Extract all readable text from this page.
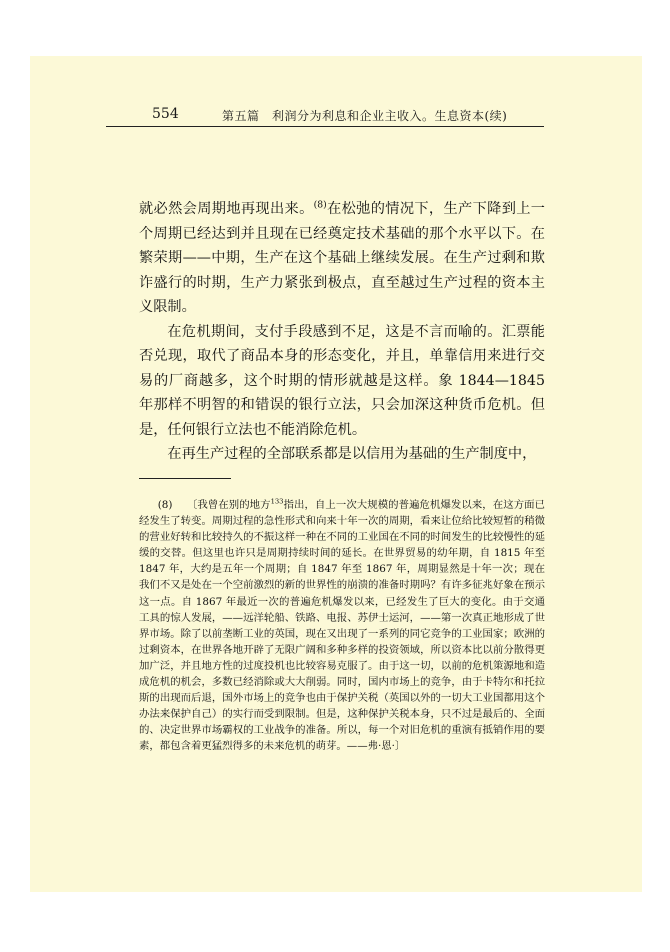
554	第五篇　利润分为利息和企业主收入。生息资本(续)

就必然会周期地再现出来。$^{(8)}$在松弛的情况下，生产下降到上一个周期已经达到并且现在已经奠定技术基础的那个水平以下。在繁荣期——中期，生产在这个基础上继续发展。在生产过剩和欺诈盛行的时期，生产力紧张到极点，直至越过生产过程的资本主义限制。

在危机期间，支付手段感到不足，这是不言而喻的。汇票能否兑现，取代了商品本身的形态变化，并且，单靠信用来进行交易的厂商越多，这个时期的情形就越是这样。象 1844—1845 年那样不明智的和错误的银行立法，只会加深这种货币危机。但是，任何银行立法也不能消除危机。

在再生产过程的全部联系都是以信用为基础的生产制度中，

(8) 〔我曾在别的地方$^{133}$指出，自上一次大规模的普遍危机爆发以来，在这方面已经发生了转变。周期过程的急性形式和向来十年一次的周期，看来让位给比较短暂的稍微的营业好转和比较持久的不振这样一种在不同的工业国在不同的时间发生的比较慢性的延缓的交替。但这里也许只是周期持续时间的延长。在世界贸易的幼年期，自 1815 年至 1847 年，大约是五年一个周期；自 1847 年至 1867 年，周期显然是十年一次；现在我们不又是处在一个空前激烈的新的世界性的崩溃的准备时期吗？有许多征兆好象在预示这一点。自 1867 年最近一次的普遍危机爆发以来，已经发生了巨大的变化。由于交通工具的惊人发展，——远洋轮船、铁路、电报、苏伊士运河，——第一次真正地形成了世界市场。除了以前垄断工业的英国，现在又出现了一系列的同它竞争的工业国家；欧洲的过剩资本，在世界各地开辟了无限广阔和多种多样的投资领域，所以资本比以前分散得更加广泛，并且地方性的过度投机也比较容易克服了。由于这一切，以前的危机策源地和造成危机的机会，多数已经消除或大大削弱。同时，国内市场上的竞争，由于卡特尔和托拉斯的出现而后退，国外市场上的竞争也由于保护关税（英国以外的一切大工业国都用这个办法来保护自己）的实行而受到限制。但是，这种保护关税本身，只不过是最后的、全面的、决定世界市场霸权的工业战争的准备。所以，每一个对旧危机的重演有抵销作用的要素，都包含着更猛烈得多的未来危机的萌芽。——弗·恩·〕
